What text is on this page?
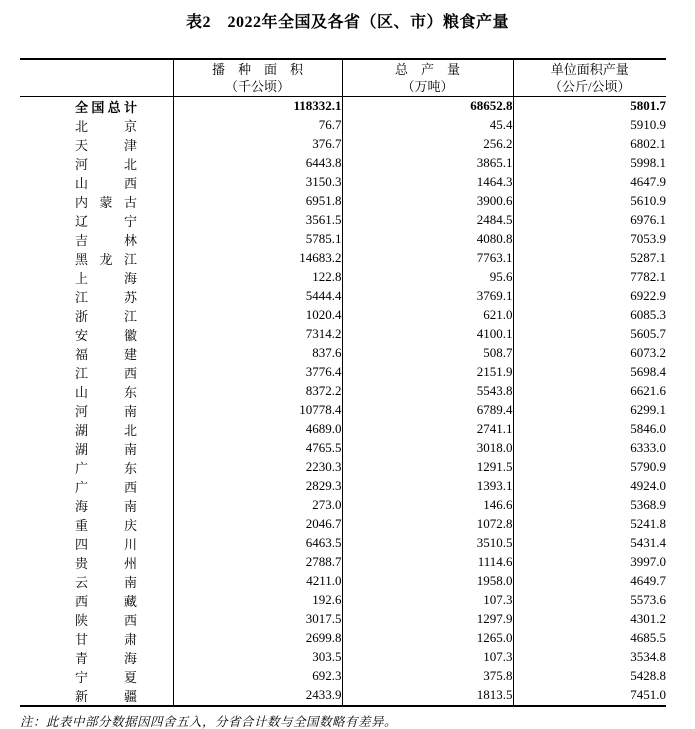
表2　2022年全国及各省（区、市）粮食产量

播　种　面　积
（千公顷）

总　产　量
（万吨）

单位面积产量
（公斤/公顷）

全 国 总 计	118332.1	68652.8	5801.7

北 京	76.7	45.4	5910.9

天 津	376.7	256.2	6802.1

河 北	6443.8	3865.1	5998.1

山 西	3150.3	1464.3	4647.9

内 蒙 古	6951.8	3900.6	5610.9

辽 宁	3561.5	2484.5	6976.1

吉 林	5785.1	4080.8	7053.9

黑 龙 江	14683.2	7763.1	5287.1

上 海	122.8	95.6	7782.1

江 苏	5444.4	3769.1	6922.9

浙 江	1020.4	621.0	6085.3

安 徽	7314.2	4100.1	5605.7

福 建	837.6	508.7	6073.2

江 西	3776.4	2151.9	5698.4

山 东	8372.2	5543.8	6621.6

河 南	10778.4	6789.4	6299.1

湖 北	4689.0	2741.1	5846.0

湖 南	4765.5	3018.0	6333.0

广 东	2230.3	1291.5	5790.9

广 西	2829.3	1393.1	4924.0

海 南	273.0	146.6	5368.9

重 庆	2046.7	1072.8	5241.8

四 川	6463.5	3510.5	5431.4

贵 州	2788.7	1114.6	3997.0

云 南	4211.0	1958.0	4649.7

西 藏	192.6	107.3	5573.6

陕 西	3017.5	1297.9	4301.2

甘 肃	2699.8	1265.0	4685.5

青 海	303.5	107.3	3534.8

宁 夏	692.3	375.8	5428.8

新 疆	2433.9	1813.5	7451.0
注：此表中部分数据因四舍五入，分省合计数与全国数略有差异。
